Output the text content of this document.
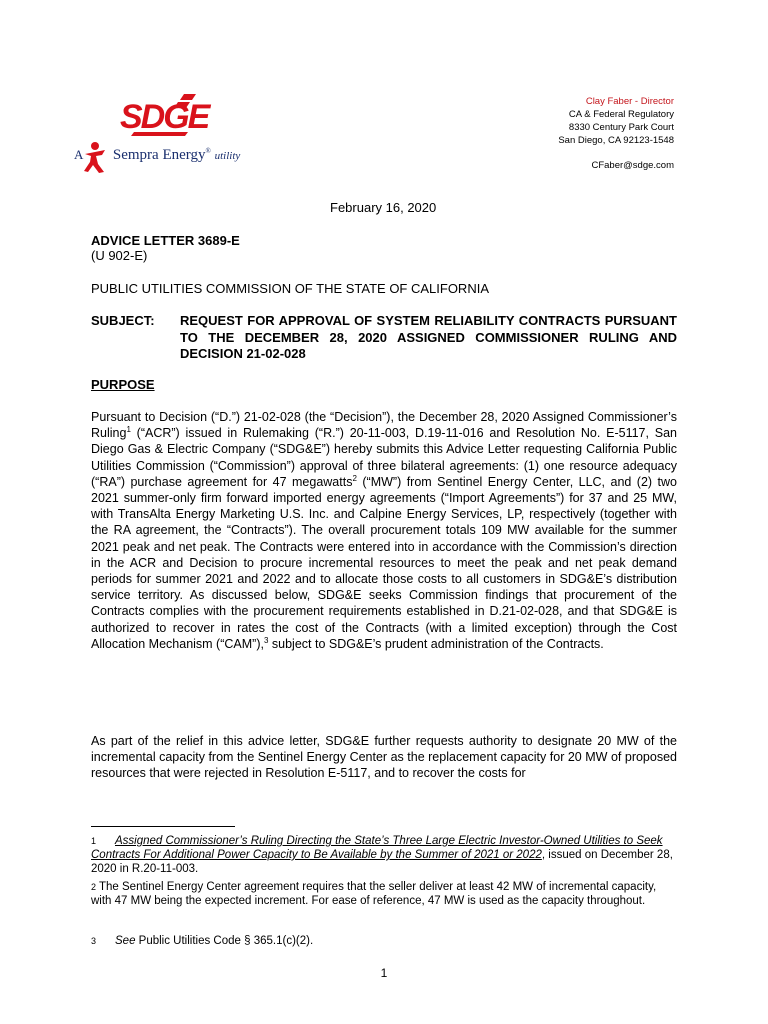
SDGE
A Sempra Energy® utility
Clay Faber - Director
CA & Federal Regulatory
8330 Century Park Court
San Diego, CA 92123-1548
CFaber@sdge.com
February 16, 2020
ADVICE LETTER 3689-E
(U 902-E)
PUBLIC UTILITIES COMMISSION OF THE STATE OF CALIFORNIA
SUBJECT: REQUEST FOR APPROVAL OF SYSTEM RELIABILITY CONTRACTS PURSUANT TO THE DECEMBER 28, 2020 ASSIGNED COMMISSIONER RULING AND DECISION 21-02-028
PURPOSE
Pursuant to Decision (“D.”) 21-02-028 (the “Decision”), the December 28, 2020 Assigned Commissioner’s Ruling$^1$ (“ACR”) issued in Rulemaking (“R.”) 20-11-003, D.19-11-016 and Resolution No. E-5117, San Diego Gas & Electric Company (“SDG&E”) hereby submits this Advice Letter requesting California Public Utilities Commission (“Commission”) approval of three bilateral agreements: (1) one resource adequacy (“RA”) purchase agreement for 47 megawatts$^2$ (“MW”) from Sentinel Energy Center, LLC, and (2) two 2021 summer-only firm forward imported energy agreements (“Import Agreements”) for 37 and 25 MW, with TransAlta Energy Marketing U.S. Inc. and Calpine Energy Services, LP, respectively (together with the RA agreement, the “Contracts”). The overall procurement totals 109 MW available for the summer 2021 peak and net peak. The Contracts were entered into in accordance with the Commission’s direction in the ACR and Decision to procure incremental resources to meet the peak and net peak demand periods for summer 2021 and 2022 and to allocate those costs to all customers in SDG&E’s distribution service territory. As discussed below, SDG&E seeks Commission findings that procurement of the Contracts complies with the procurement requirements established in D.21-02-028, and that SDG&E is authorized to recover in rates the cost of the Contracts (with a limited exception) through the Cost Allocation Mechanism (“CAM”),$^3$ subject to SDG&E’s prudent administration of the Contracts.
As part of the relief in this advice letter, SDG&E further requests authority to designate 20 MW of the incremental capacity from the Sentinel Energy Center as the replacement capacity for 20 MW of proposed resources that were rejected in Resolution E-5117, and to recover the costs for
1 Assigned Commissioner’s Ruling Directing the State’s Three Large Electric Investor-Owned Utilities to Seek Contracts For Additional Power Capacity to Be Available by the Summer of 2021 or 2022, issued on December 28, 2020 in R.20-11-003.
2 The Sentinel Energy Center agreement requires that the seller deliver at least 42 MW of incremental capacity, with 47 MW being the expected increment. For ease of reference, 47 MW is used as the capacity throughout.
3 See Public Utilities Code § 365.1(c)(2).
1
